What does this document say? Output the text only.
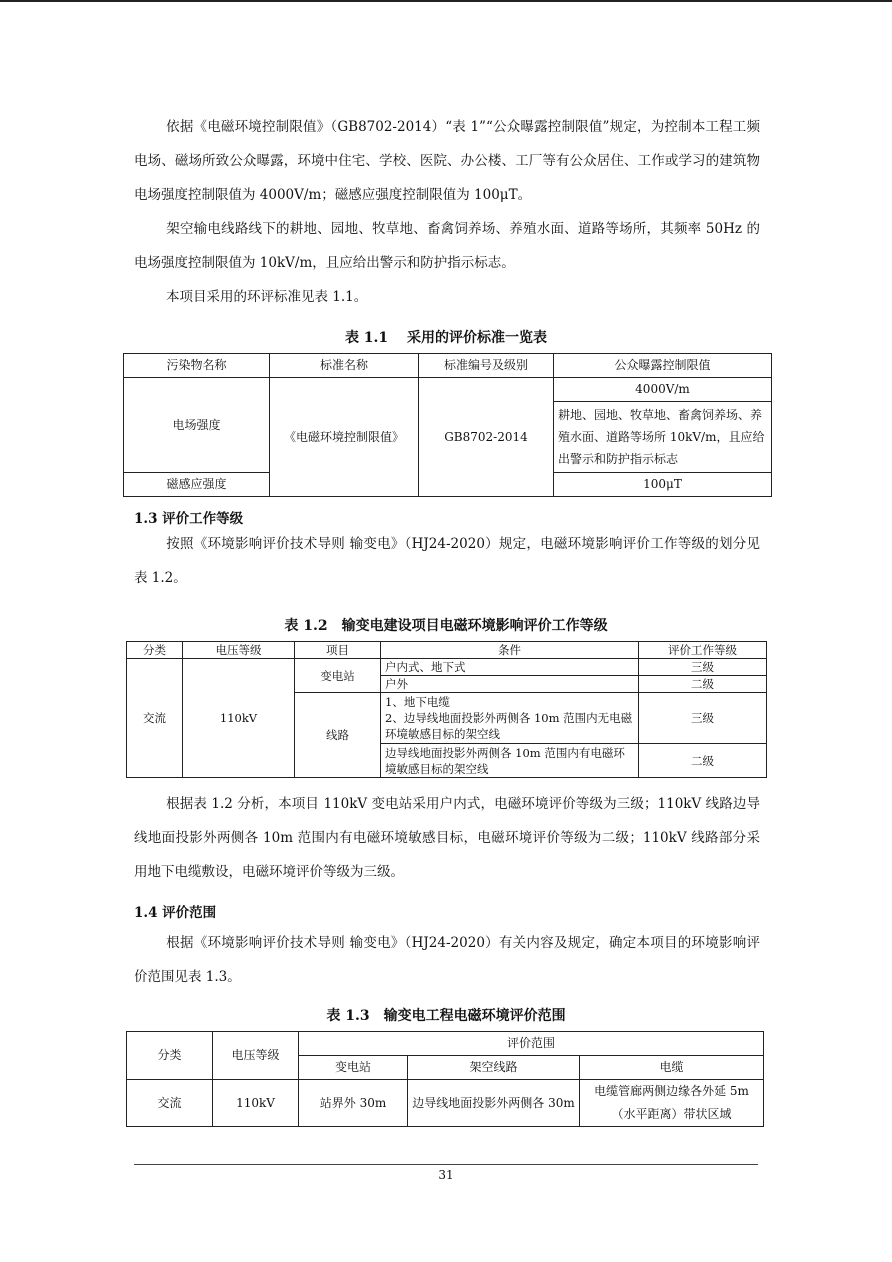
依据《电磁环境控制限值》（GB8702-2014）“表 1”“公众曝露控制限值”规定，为控制本工程工频电场、磁场所致公众曝露，环境中住宅、学校、医院、办公楼、工厂等有公众居住、工作或学习的建筑物电场强度控制限值为 4000V/m；磁感应强度控制限值为 100μT。

架空输电线路线下的耕地、园地、牧草地、畜禽饲养场、养殖水面、道路等场所，其频率 50Hz 的电场强度控制限值为 10kV/m，且应给出警示和防护指示标志。

本项目采用的环评标准见表 1.1。

表 1.1　 采用的评价标准一览表

污染物名称	标准名称	标准编号及级别	公众曝露控制限值
电场强度	《电磁环境控制限值》	GB8702-2014	4000V/m
			耕地、园地、牧草地、畜禽饲养场、养殖水面、道路等场所 10kV/m，且应给出警示和防护指示标志
磁感应强度			100μT

1.3 评价工作等级

按照《环境影响评价技术导则 输变电》（HJ24-2020）规定，电磁环境影响评价工作等级的划分见表 1.2。

表 1.2　输变电建设项目电磁环境影响评价工作等级

分类	电压等级	项目	条件	评价工作等级
交流	110kV	变电站	户内式、地下式	三级
			户外	二级
		线路	1、地下电缆
2、边导线地面投影外两侧各 10m 范围内无电磁环境敏感目标的架空线	三级
			边导线地面投影外两侧各 10m 范围内有电磁环境敏感目标的架空线	二级

根据表 1.2 分析，本项目 110kV 变电站采用户内式，电磁环境评价等级为三级；110kV 线路边导线地面投影外两侧各 10m 范围内有电磁环境敏感目标，电磁环境评价等级为二级；110kV 线路部分采用地下电缆敷设，电磁环境评价等级为三级。

1.4 评价范围

根据《环境影响评价技术导则 输变电》（HJ24-2020）有关内容及规定，确定本项目的环境影响评价范围见表 1.3。

表 1.3　输变电工程电磁环境评价范围

分类	电压等级	评价范围		
		变电站	架空线路	电缆
交流	110kV	站界外 30m	边导线地面投影外两侧各 30m	电缆管廊两侧边缘各外延 5m（水平距离）带状区域
31
